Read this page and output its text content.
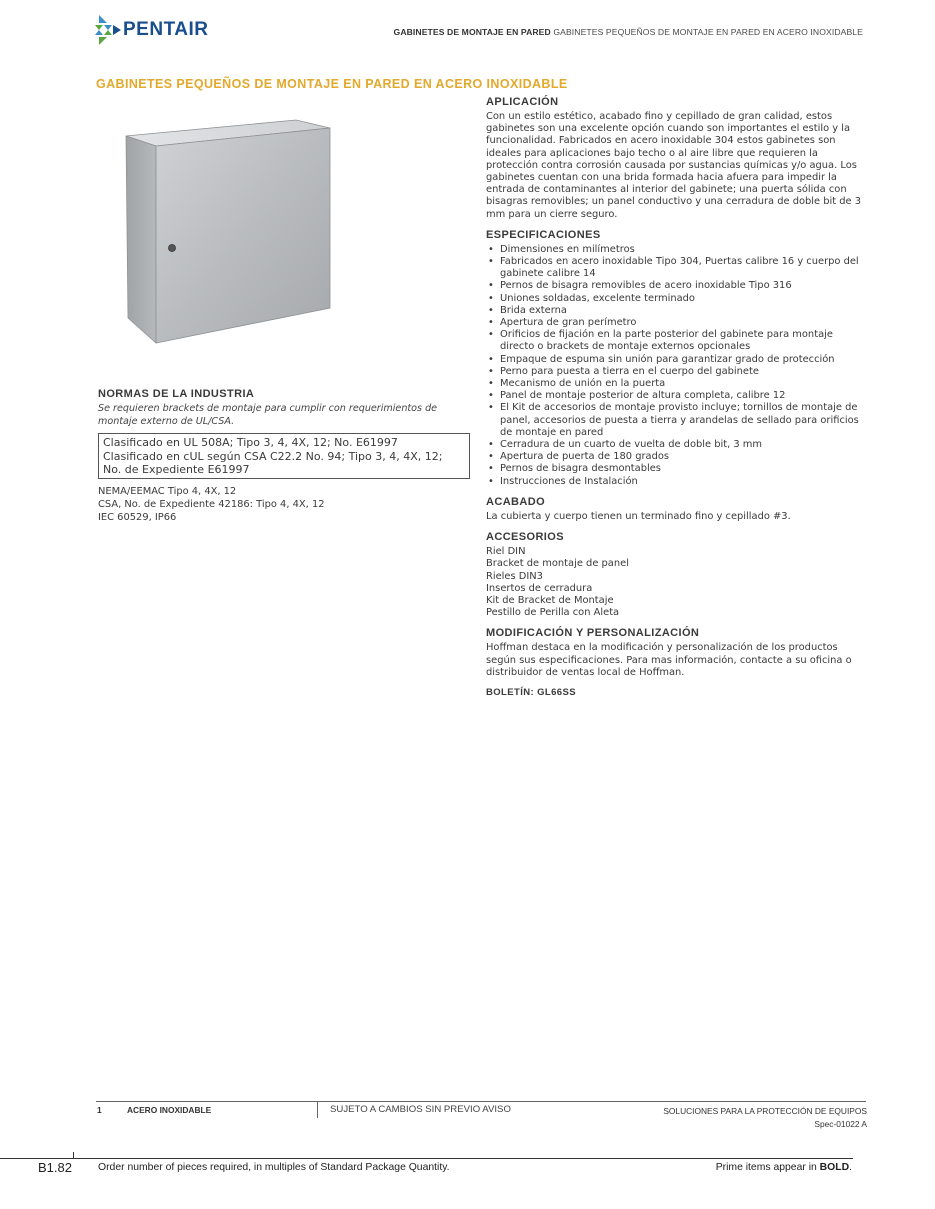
PENTAIR	GABINETES DE MONTAJE EN PARED GABINETES PEQUEÑOS DE MONTAJE EN PARED EN ACERO INOXIDABLE
GABINETES PEQUEÑOS DE MONTAJE EN PARED EN ACERO INOXIDABLE
NORMAS DE LA INDUSTRIA
Se requieren brackets de montaje para cumplir con requerimientos de montaje externo de UL/CSA.
Clasificado en UL 508A; Tipo 3, 4, 4X, 12; No. E61997
Clasificado en cUL según CSA C22.2 No. 94; Tipo 3, 4, 4X, 12;
No. de Expediente E61997
NEMA/EEMAC Tipo 4, 4X, 12
CSA, No. de Expediente 42186: Tipo 4, 4X, 12
IEC 60529, IP66
APLICACIÓN
Con un estilo estético, acabado fino y cepillado de gran calidad, estos gabinetes son una excelente opción cuando son importantes el estilo y la funcionalidad. Fabricados en acero inoxidable 304 estos gabinetes son ideales para aplicaciones bajo techo o al aire libre que requieren la protección contra corrosión causada por sustancias químicas y/o agua. Los gabinetes cuentan con una brida formada hacia afuera para impedir la entrada de contaminantes al interior del gabinete; una puerta sólida con bisagras removibles; un panel conductivo y una cerradura de doble bit de 3 mm para un cierre seguro.
ESPECIFICACIONES
• Dimensiones en milímetros
• Fabricados en acero inoxidable Tipo 304, Puertas calibre 16 y cuerpo del gabinete calibre 14
• Pernos de bisagra removibles de acero inoxidable Tipo 316
• Uniones soldadas, excelente terminado
• Brida externa
• Apertura de gran perímetro
• Orificios de fijación en la parte posterior del gabinete para montaje directo o brackets de montaje externos opcionales
• Empaque de espuma sin unión para garantizar grado de protección
• Perno para puesta a tierra en el cuerpo del gabinete
• Mecanismo de unión en la puerta
• Panel de montaje posterior de altura completa, calibre 12
• El Kit de accesorios de montaje provisto incluye; tornillos de montaje de panel, accesorios de puesta a tierra y arandelas de sellado para orificios de montaje en pared
• Cerradura de un cuarto de vuelta de doble bit, 3 mm
• Apertura de puerta de 180 grados
• Pernos de bisagra desmontables
• Instrucciones de Instalación
ACABADO
La cubierta y cuerpo tienen un terminado fino y cepillado #3.
ACCESORIOS
Riel DIN
Bracket de montaje de panel
Rieles DIN3
Insertos de cerradura
Kit de Bracket de Montaje
Pestillo de Perilla con Aleta
MODIFICACIÓN Y PERSONALIZACIÓN
Hoffman destaca en la modificación y personalización de los productos según sus especificaciones. Para mas información, contacte a su oficina o distribuidor de ventas local de Hoffman.
BOLETÍN: GL66SS
1	ACERO INOXIDABLE	SUJETO A CAMBIOS SIN PREVIO AVISO	SOLUCIONES PARA LA PROTECCIÓN DE EQUIPOS
Spec-01022 A
B1.82	Order number of pieces required, in multiples of Standard Package Quantity.	Prime items appear in BOLD.
